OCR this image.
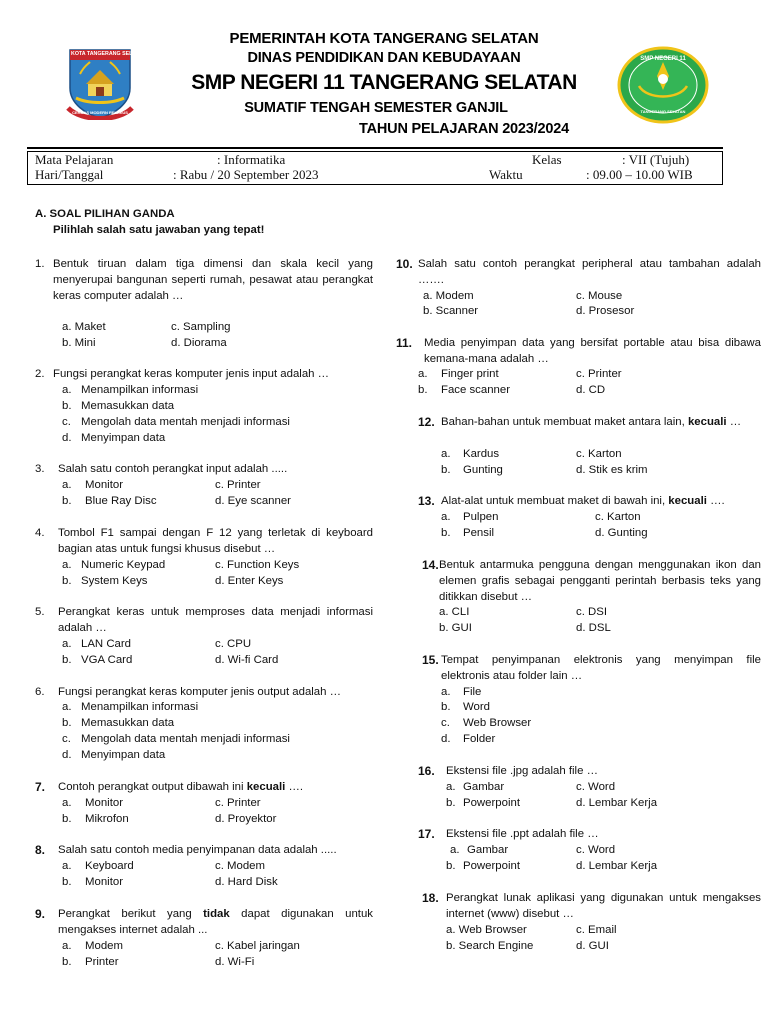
KOTA TANGERANG SELATAN
CERDAS MODERN RELIGIUS
SMP NEGERI 11
TANGERANG SELATAN
PEMERINTAH KOTA TANGERANG SELATAN
DINAS PENDIDIKAN DAN KEBUDAYAAN
SMP NEGERI 11 TANGERANG SELATAN
SUMATIF TENGAH SEMESTER GANJIL
TAHUN PELAJARAN 2023/2024
Mata Pelajaran	: Informatika
Hari/Tanggal	: Rabu / 20 September 2023
Kelas	: VII (Tujuh)
Waktu	: 09.00 – 10.00 WIB
A. SOAL PILIHAN GANDA
Pilihlah salah satu jawaban yang tepat!
1. Bentuk tiruan dalam tiga dimensi dan skala kecil yang menyerupai bangunan seperti rumah, pesawat atau perangkat keras computer adalah …
a. Maket
b. Mini
c. Sampling
d. Diorama
2. Fungsi perangkat keras komputer jenis input adalah …
a. Menampilkan informasi
b. Memasukkan data
c. Mengolah data mentah menjadi informasi
d. Menyimpan data
3. Salah satu contoh perangkat input adalah .....
a. Monitor
b. Blue Ray Disc
c. Printer
d. Eye scanner
4. Tombol F1 sampai dengan F 12 yang terletak di keyboard bagian atas untuk fungsi khusus disebut …
a. Numeric Keypad
b. System Keys
c. Function Keys
d. Enter Keys
5. Perangkat keras untuk memproses data menjadi informasi adalah …
a. LAN Card
b. VGA Card
c. CPU
d. Wi-fi Card
6. Fungsi perangkat keras komputer jenis output adalah …
a. Menampilkan informasi
b. Memasukkan data
c. Mengolah data mentah menjadi informasi
d. Menyimpan data
7. Contoh perangkat output dibawah ini kecuali ….
a. Monitor
b. Mikrofon
c. Printer
d. Proyektor
8. Salah satu contoh media penyimpanan data adalah .....
a. Keyboard
b. Monitor
c. Modem
d. Hard Disk
9. Perangkat berikut yang tidak dapat digunakan untuk mengakses internet adalah ...
a. Modem
b. Printer
c. Kabel jaringan
d. Wi-Fi
10. Salah satu contoh perangkat peripheral atau tambahan adalah …….
a. Modem
b. Scanner
c. Mouse
d. Prosesor
11. Media penyimpan data yang bersifat portable atau bisa dibawa kemana-mana adalah …
a. Finger print
b. Face scanner
c. Printer
d. CD
12. Bahan-bahan untuk membuat maket antara lain, kecuali …
a. Kardus
b. Gunting
c. Karton
d. Stik es krim
13. Alat-alat untuk membuat maket di bawah ini, kecuali ….
a. Pulpen
b. Pensil
c. Karton
d. Gunting
14. Bentuk antarmuka pengguna dengan menggunakan ikon dan elemen grafis sebagai pengganti perintah berbasis teks yang ditikkan disebut …
a. CLI
b. GUI
c. DSI
d. DSL
15. Tempat penyimpanan elektronis yang menyimpan file elektronis atau folder lain …
a. File
b. Word
c. Web Browser
d. Folder
16. Ekstensi file .jpg adalah file …
a. Gambar
b. Powerpoint
c. Word
d. Lembar Kerja
17. Ekstensi file .ppt adalah file …
a. Gambar
b. Powerpoint
c. Word
d. Lembar Kerja
18. Perangkat lunak aplikasi yang digunakan untuk mengakses internet (www) disebut …
a. Web Browser
b. Search Engine
c. Email
d. GUI
